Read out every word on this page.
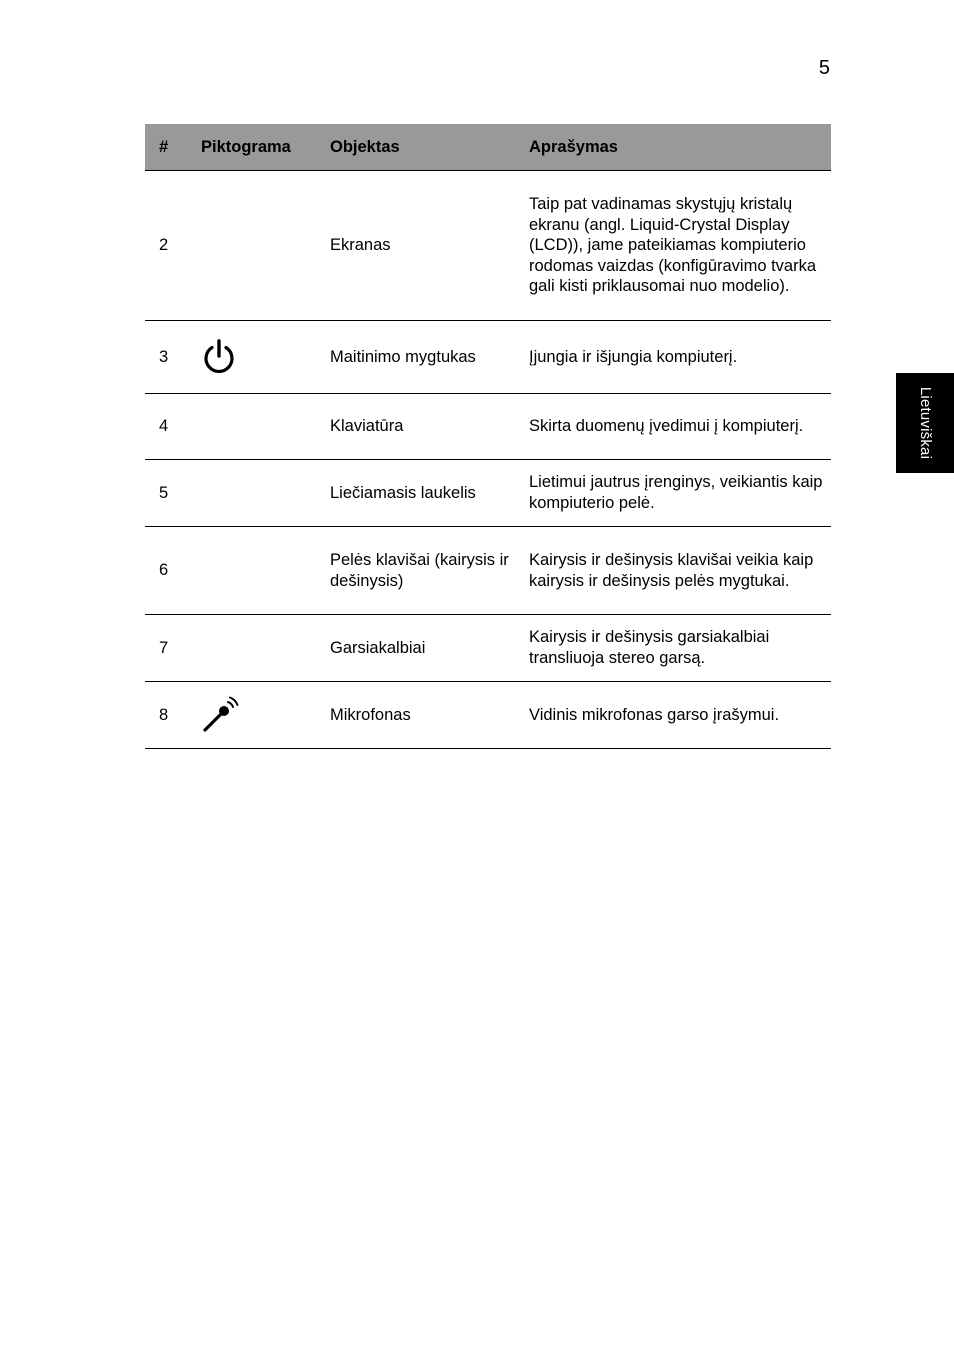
5
Lietuviškai
#	Piktograma	Objektas	Aprašymas
2		Ekranas	Taip pat vadinamas skystųjų kristalų ekranu (angl. Liquid-Crystal Display (LCD)), jame pateikiamas kompiuterio rodomas vaizdas (konfigūravimo tvarka gali kisti priklausomai nuo modelio).
3		Maitinimo mygtukas	Įjungia ir išjungia kompiuterį.
4		Klaviatūra	Skirta duomenų įvedimui į kompiuterį.
5		Liečiamasis laukelis	Lietimui jautrus įrenginys, veikiantis kaip kompiuterio pelė.
6		Pelės klavišai (kairysis ir dešinysis)	Kairysis ir dešinysis klavišai veikia kaip kairysis ir dešinysis pelės mygtukai.
7		Garsiakalbiai	Kairysis ir dešinysis garsiakalbiai transliuoja stereo garsą.
8		Mikrofonas	Vidinis mikrofonas garso įrašymui.
